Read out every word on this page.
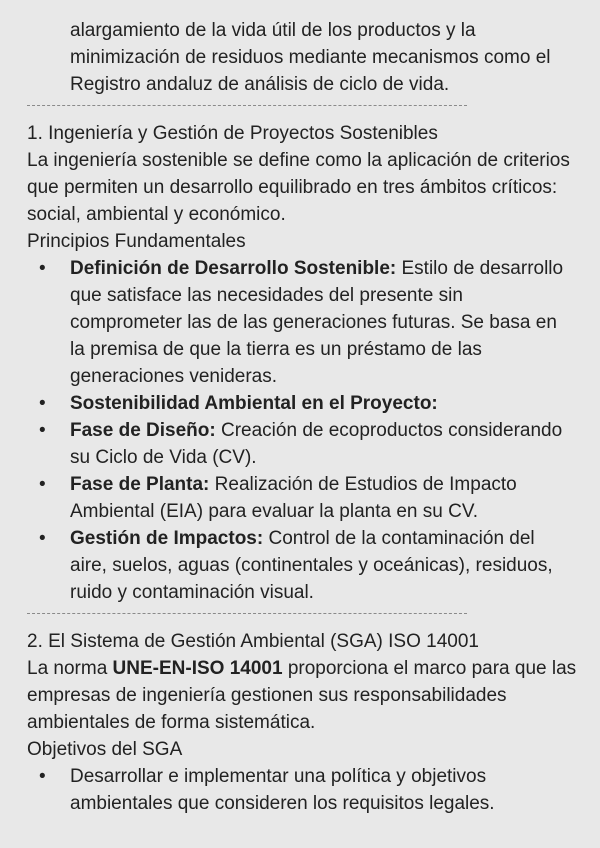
alargamiento de la vida útil de los productos y la minimización de residuos mediante mecanismos como el Registro andaluz de análisis de ciclo de vida.

1. Ingeniería y Gestión de Proyectos Sostenibles
La ingeniería sostenible se define como la aplicación de criterios que permiten un desarrollo equilibrado en tres ámbitos críticos: social, ambiental y económico.
Principios Fundamentales
• Definición de Desarrollo Sostenible: Estilo de desarrollo que satisface las necesidades del presente sin comprometer las de las generaciones futuras. Se basa en la premisa de que la tierra es un préstamo de las generaciones venideras.
• Sostenibilidad Ambiental en el Proyecto:
• Fase de Diseño: Creación de ecoproductos considerando su Ciclo de Vida (CV).
• Fase de Planta: Realización de Estudios de Impacto Ambiental (EIA) para evaluar la planta en su CV.
• Gestión de Impactos: Control de la contaminación del aire, suelos, aguas (continentales y oceánicas), residuos, ruido y contaminación visual.
2. El Sistema de Gestión Ambiental (SGA) ISO 14001
La norma UNE-EN-ISO 14001 proporciona el marco para que las empresas de ingeniería gestionen sus responsabilidades ambientales de forma sistemática.
Objetivos del SGA
• Desarrollar e implementar una política y objetivos ambientales que consideren los requisitos legales.
